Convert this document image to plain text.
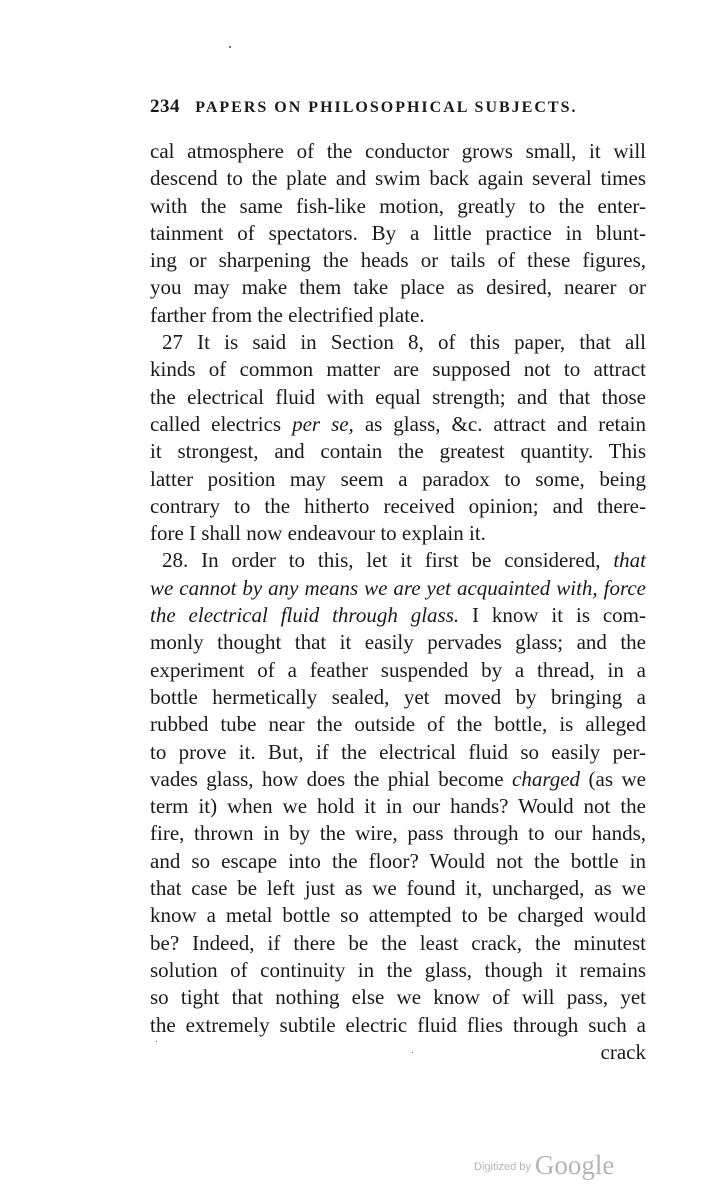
234 PAPERS ON PHILOSOPHICAL SUBJECTS.
cal atmosphere of the conductor grows small, it will
descend to the plate and swim back again several times
with the same fish-like motion, greatly to the enter-
tainment of spectators. By a little practice in blunt-
ing or sharpening the heads or tails of these figures,
you may make them take place as desired, nearer or
farther from the electrified plate.
27 It is said in Section 8, of this paper, that all
kinds of common matter are supposed not to attract
the electrical fluid with equal strength; and that those
called electrics per se, as glass, &c. attract and retain
it strongest, and contain the greatest quantity. This
latter position may seem a paradox to some, being
contrary to the hitherto received opinion; and there-
fore I shall now endeavour to explain it.
28. In order to this, let it first be considered, that
we cannot by any means we are yet acquainted with, force
the electrical fluid through glass. I know it is com-
monly thought that it easily pervades glass; and the
experiment of a feather suspended by a thread, in a
bottle hermetically sealed, yet moved by bringing a
rubbed tube near the outside of the bottle, is alleged
to prove it. But, if the electrical fluid so easily per-
vades glass, how does the phial become charged (as we
term it) when we hold it in our hands? Would not the
fire, thrown in by the wire, pass through to our hands,
and so escape into the floor? Would not the bottle in
that case be left just as we found it, uncharged, as we
know a metal bottle so attempted to be charged would
be? Indeed, if there be the least crack, the minutest
solution of continuity in the glass, though it remains
so tight that nothing else we know of will pass, yet
the extremely subtile electric fluid flies through such a
crack
$^{Digitized by}$ Google
